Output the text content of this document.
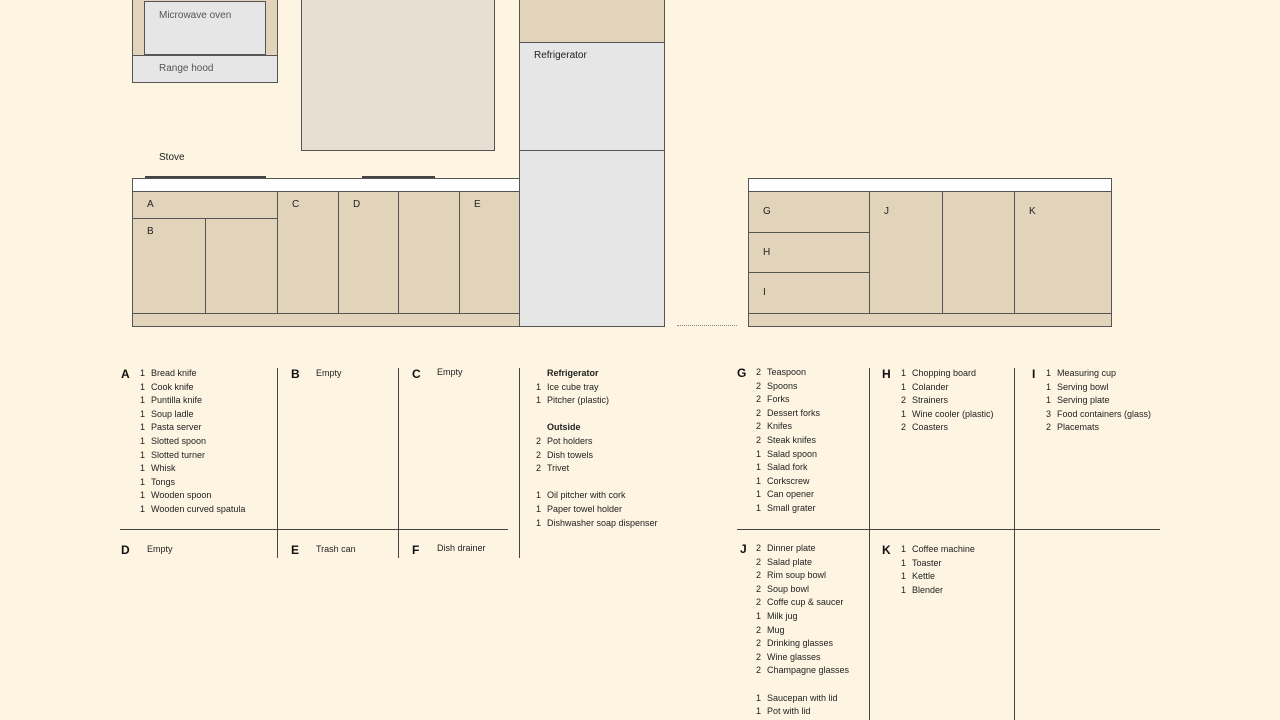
Microwave oven
Range hood
Refrigerator
Stove
A
B
C	D	E
G
H
I
J	K
A	1 Bread knife
1 Cook knife
1 Puntilla knife
1 Soup ladle
1 Pasta server
1 Slotted spoon
1 Slotted turner
1 Whisk
1 Tongs
1 Wooden spoon
1 Wooden curved spatula
B Empty	C Empty
D Empty	E Trash can	F Dish drainer
Refrigerator
1 Ice cube tray
1 Pitcher (plastic)
Outside
2 Pot holders
2 Dish towels
2 Trivet
1 Oil pitcher with cork
1 Paper towel holder
1 Dishwasher soap dispenser
G	2 Teaspoon
2 Spoons
2 Forks
2 Dessert forks
2 Knifes
2 Steak knifes
1 Salad spoon
1 Salad fork
1 Corkscrew
1 Can opener
1 Small grater
H	1 Chopping board
1 Colander
2 Strainers
1 Wine cooler (plastic)
2 Coasters
I	1 Measuring cup
1 Serving bowl
1 Serving plate
3 Food containers (glass)
2 Placemats
J	2 Dinner plate
2 Salad plate
2 Rim soup bowl
2 Soup bowl
2 Coffe cup & saucer
1 Milk jug
2 Mug
2 Drinking glasses
2 Wine glasses
2 Champagne glasses
1 Saucepan with lid
1 Pot with lid
K	1 Coffee machine
1 Toaster
1 Kettle
1 Blender
